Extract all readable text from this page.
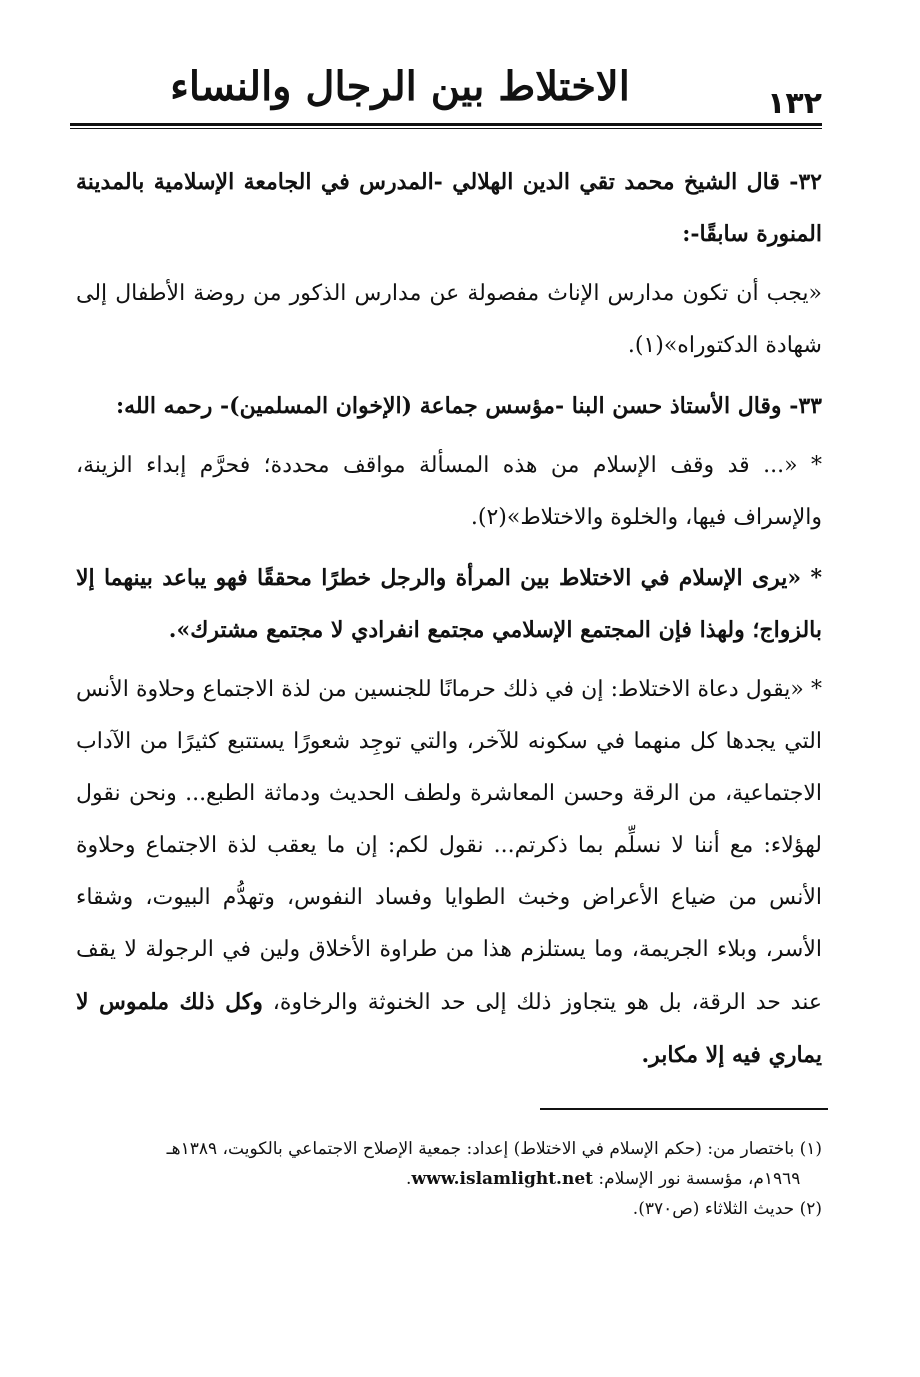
الاختلاط بين الرجال والنساء	١٣٢

٣٢- قال الشيخ محمد تقي الدين الهلالي -المدرس في الجامعة الإسلامية بالمدينة المنورة سابقًا-:

«يجب أن تكون مدارس الإناث مفصولة عن مدارس الذكور من روضة الأطفال إلى شهادة الدكتوراه»(١).

٣٣- وقال الأستاذ حسن البنا -مؤسس جماعة (الإخوان المسلمين)- رحمه الله:

* «... قد وقف الإسلام من هذه المسألة مواقف محددة؛ فحرَّم إبداء الزينة، والإسراف فيها، والخلوة والاختلاط»(٢).

* «يرى الإسلام في الاختلاط بين المرأة والرجل خطرًا محققًا فهو يباعد بينهما إلا بالزواج؛ ولهذا فإن المجتمع الإسلامي مجتمع انفرادي لا مجتمع مشترك».

* «يقول دعاة الاختلاط: إن في ذلك حرمانًا للجنسين من لذة الاجتماع وحلاوة الأنس التي يجدها كل منهما في سكونه للآخر، والتي توجِد شعورًا يستتبع كثيرًا من الآداب الاجتماعية، من الرقة وحسن المعاشرة ولطف الحديث ودماثة الطبع... ونحن نقول لهؤلاء: مع أننا لا نسلِّم بما ذكرتم... نقول لكم: إن ما يعقب لذة الاجتماع وحلاوة الأنس من ضياع الأعراض وخبث الطوايا وفساد النفوس، وتهدُّم البيوت، وشقاء الأسر، وبلاء الجريمة، وما يستلزم هذا من طراوة الأخلاق ولين في الرجولة لا يقف عند حد الرقة، بل هو يتجاوز ذلك إلى حد الخنوثة والرخاوة، وكل ذلك ملموس لا يماري فيه إلا مكابر.

(١) باختصار من: (حكم الإسلام في الاختلاط) إعداد: جمعية الإصلاح الاجتماعي بالكويت، ١٣٨٩هـ
١٩٦٩م، مؤسسة نور الإسلام: www.islamlight.net.
(٢) حديث الثلاثاء (ص٣٧٠).
